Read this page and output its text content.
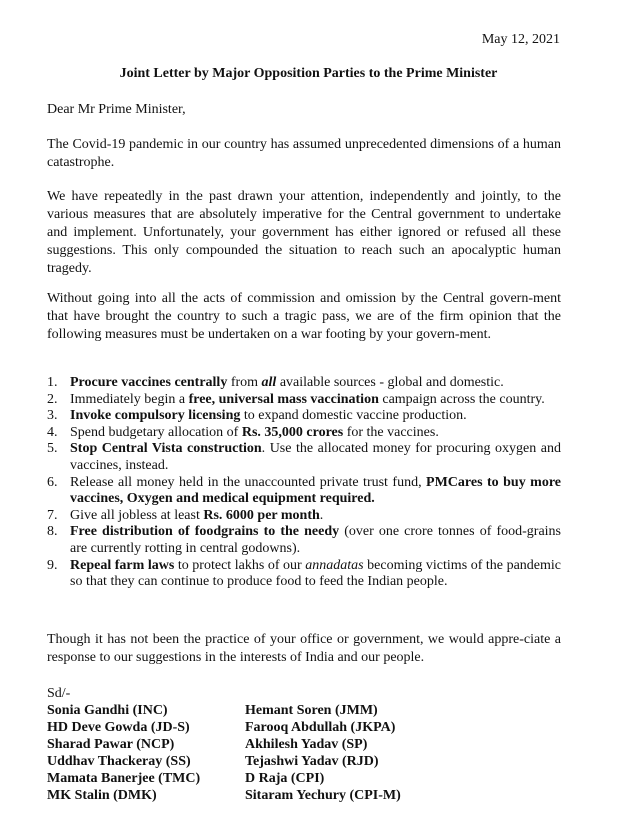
May 12, 2021
Joint Letter by Major Opposition Parties to the Prime Minister
Dear Mr Prime Minister,

The Covid-19 pandemic in our country has assumed unprecedented dimensions of a human catastrophe.

We have repeatedly in the past drawn your attention, independently and jointly, to the various measures that are absolutely imperative for the Central government to undertake and implement. Unfortunately, your government has either ignored or refused all these suggestions. This only compounded the situation to reach such an apocalyptic human tragedy.

Without going into all the acts of commission and omission by the Central govern-ment that have brought the country to such a tragic pass, we are of the firm opinion that the following measures must be undertaken on a war footing by your govern-ment.

1. Procure vaccines centrally from all available sources - global and domestic.
2. Immediately begin a free, universal mass vaccination campaign across the country.
3. Invoke compulsory licensing to expand domestic vaccine production.
4. Spend budgetary allocation of Rs. 35,000 crores for the vaccines.
5. Stop Central Vista construction. Use the allocated money for procuring oxygen and vaccines, instead.
6. Release all money held in the unaccounted private trust fund, PMCares to buy more vaccines, Oxygen and medical equipment required.
7. Give all jobless at least Rs. 6000 per month.
8. Free distribution of foodgrains to the needy (over one crore tonnes of food-grains are currently rotting in central godowns).
9. Repeal farm laws to protect lakhs of our annadatas becoming victims of the pandemic so that they can continue to produce food to feed the Indian people.

Though it has not been the practice of your office or government, we would appre-ciate a response to our suggestions in the interests of India and our people.

Sd/-
Sonia Gandhi (INC)
HD Deve Gowda (JD-S)
Sharad Pawar (NCP)
Uddhav Thackeray (SS)
Mamata Banerjee (TMC)
MK Stalin (DMK)
Hemant Soren (JMM)
Farooq Abdullah (JKPA)
Akhilesh Yadav (SP)
Tejashwi Yadav (RJD)
D Raja (CPI)
Sitaram Yechury (CPI-M)
